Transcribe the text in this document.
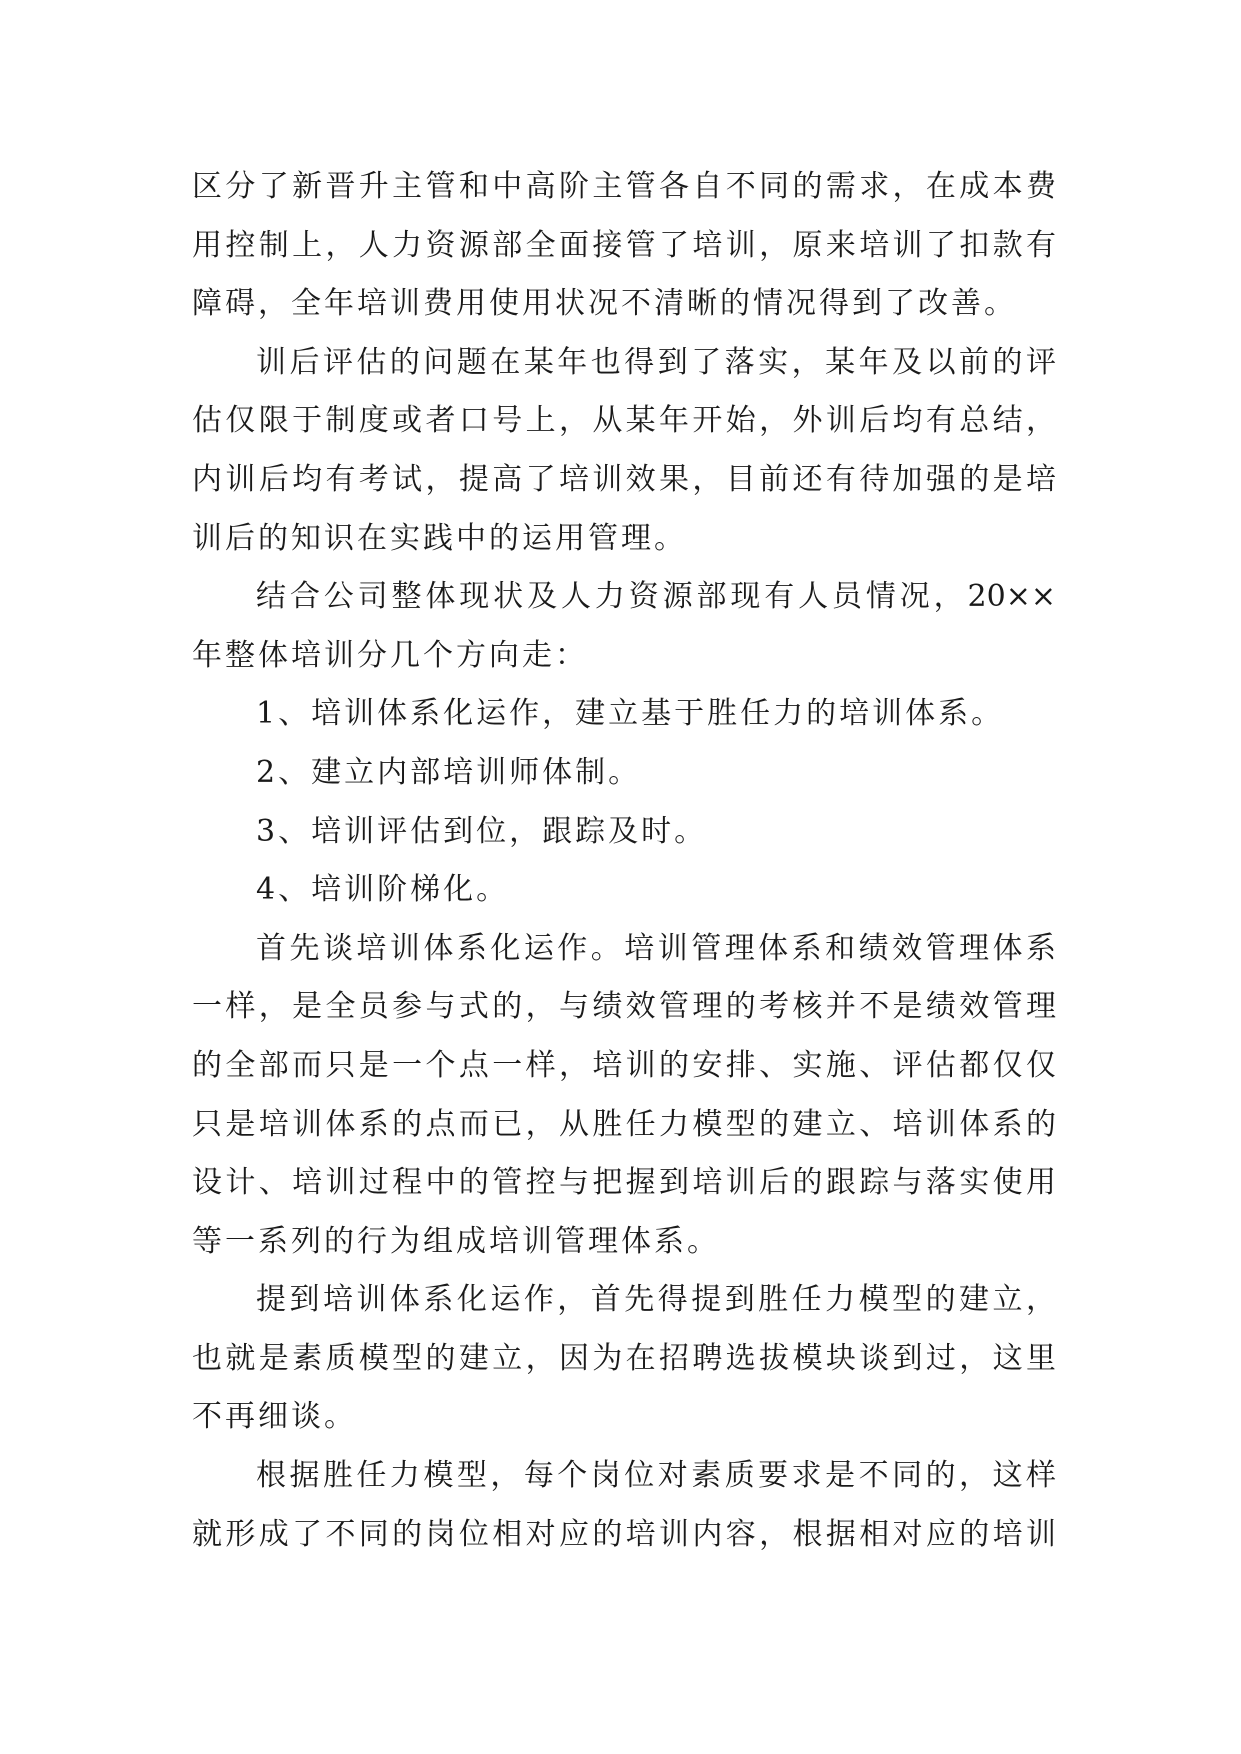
区分了新晋升主管和中高阶主管各自不同的需求，在成本费
用控制上，人力资源部全面接管了培训，原来培训了扣款有
障碍，全年培训费用使用状况不清晰的情况得到了改善。
训后评估的问题在某年也得到了落实，某年及以前的评
估仅限于制度或者口号上，从某年开始，外训后均有总结，
内训后均有考试，提高了培训效果，目前还有待加强的是培
训后的知识在实践中的运用管理。
结合公司整体现状及人力资源部现有人员情况，20××
年整体培训分几个方向走：
1、培训体系化运作，建立基于胜任力的培训体系。
2、建立内部培训师体制。
3、培训评估到位，跟踪及时。
4、培训阶梯化。
首先谈培训体系化运作。培训管理体系和绩效管理体系
一样，是全员参与式的，与绩效管理的考核并不是绩效管理
的全部而只是一个点一样，培训的安排、实施、评估都仅仅
只是培训体系的点而已，从胜任力模型的建立、培训体系的
设计、培训过程中的管控与把握到培训后的跟踪与落实使用
等一系列的行为组成培训管理体系。
提到培训体系化运作，首先得提到胜任力模型的建立，
也就是素质模型的建立，因为在招聘选拔模块谈到过，这里
不再细谈。
根据胜任力模型，每个岗位对素质要求是不同的，这样
就形成了不同的岗位相对应的培训内容，根据相对应的培训
